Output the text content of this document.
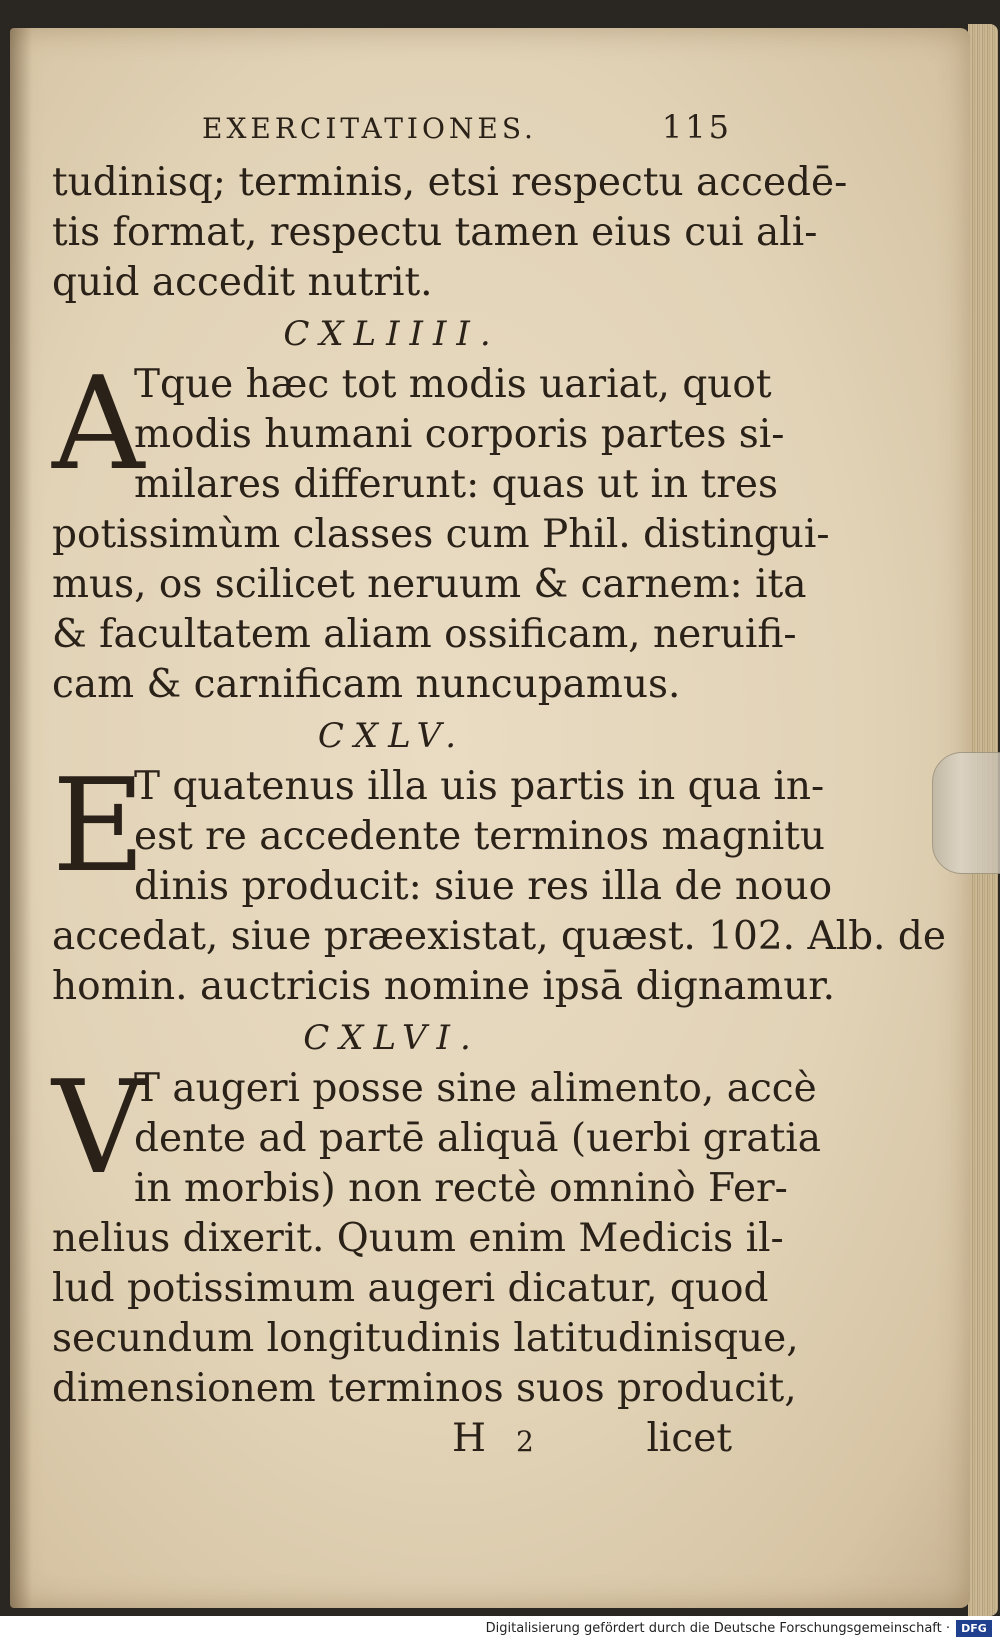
EXERCITATIONES.	115
tudinisq; terminis, etsi respectu accedē-
tis format, respectu tamen eius cui ali-
quid accedit nutrit.
CXLIIII.
A
Tque hæc tot modis uariat, quot
modis humani corporis partes si-
milares differunt: quas ut in tres
potissimùm classes cum Phil. distingui-
mus, os scilicet neruum & carnem: ita
& facultatem aliam ossificam, neruifi-
cam & carnificam nuncupamus.
CXLV.
E
T quatenus illa uis partis in qua in-
est re accedente terminos magnitu
dinis producit: siue res illa de nouo
accedat, siue præexistat, quæst. 102. Alb. de
homin. auctricis nomine ipsā dignamur.
CXLVI.
V
T augeri posse sine alimento, accè
dente ad partē aliquā (uerbi gratia
in morbis) non rectè omninò Fer-
nelius dixerit. Quum enim Medicis il-
lud potissimum augeri dicatur, quod
secundum longitudinis latitudinisque,
dimensionem terminos suos producit,
H 2	licet
Digitalisierung gefördert durch die Deutsche Forschungsgemeinschaft ·	DFG
